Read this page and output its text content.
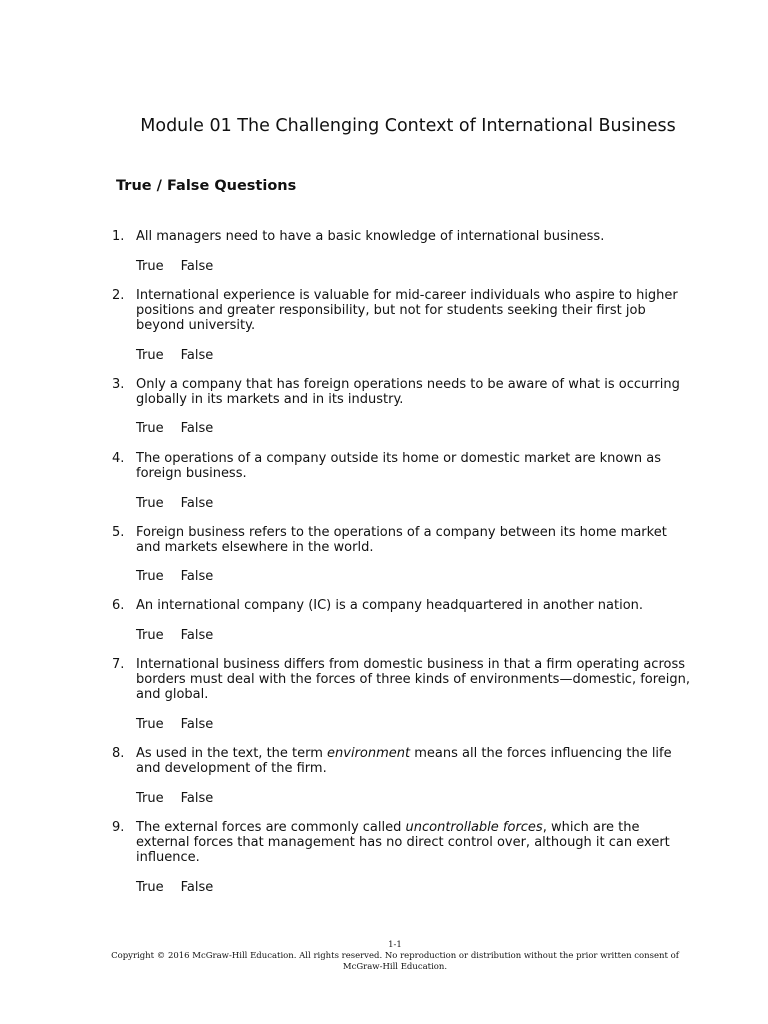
Module 01 The Challenging Context of International Business
True / False Questions
1. All managers need to have a basic knowledge of international business.
True False
2. International experience is valuable for mid-career individuals who aspire to higher positions and greater responsibility, but not for students seeking their first job beyond university.
True False
3. Only a company that has foreign operations needs to be aware of what is occurring globally in its markets and in its industry.
True False
4. The operations of a company outside its home or domestic market are known as foreign business.
True False
5. Foreign business refers to the operations of a company between its home market and markets elsewhere in the world.
True False
6. An international company (IC) is a company headquartered in another nation.
True False
7. International business differs from domestic business in that a firm operating across borders must deal with the forces of three kinds of environments—domestic, foreign, and global.
True False
8. As used in the text, the term environment means all the forces influencing the life and development of the firm.
True False
9. The external forces are commonly called uncontrollable forces, which are the external forces that management has no direct control over, although it can exert influence.
True False
1-1
Copyright © 2016 McGraw-Hill Education. All rights reserved. No reproduction or distribution without the prior written consent of
McGraw-Hill Education.
